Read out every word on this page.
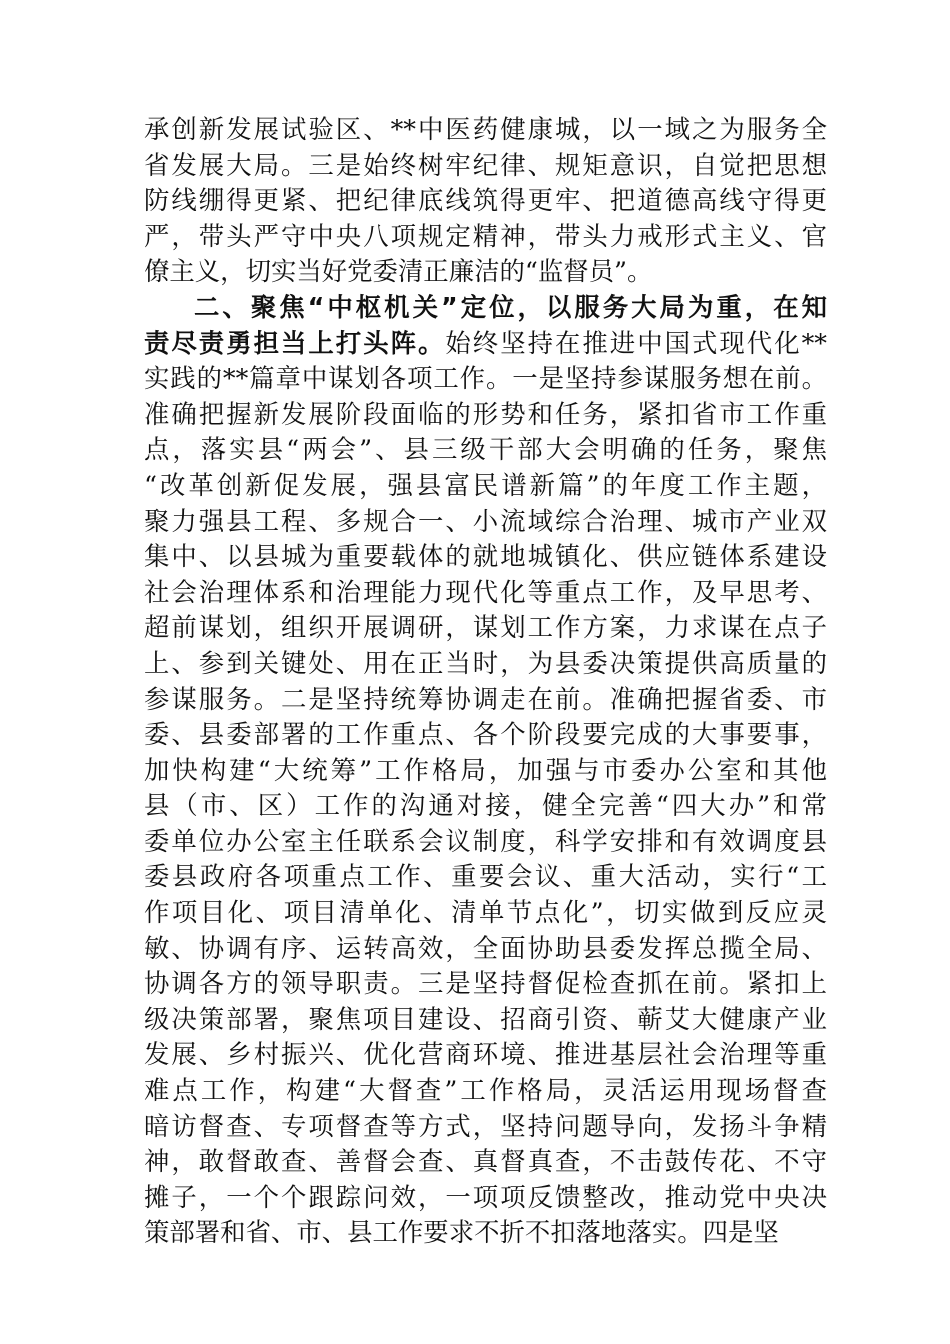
承创新发展试验区、**中医药健康城，以一域之为服务全
省发展大局。三是始终树牢纪律、规矩意识，自觉把思想
防线绷得更紧、把纪律底线筑得更牢、把道德高线守得更
严，带头严守中央八项规定精神，带头力戒形式主义、官
僚主义，切实当好党委清正廉洁的“监督员”。
二、聚焦“中枢机关”定位，以服务大局为重，在知
责尽责勇担当上打头阵。始终坚持在推进中国式现代化**
实践的**篇章中谋划各项工作。一是坚持参谋服务想在前。
准确把握新发展阶段面临的形势和任务，紧扣省市工作重
点，落实县“两会”、县三级干部大会明确的任务，聚焦
“改革创新促发展，强县富民谱新篇”的年度工作主题，
聚力强县工程、多规合一、小流域综合治理、城市产业双
集中、以县城为重要载体的就地城镇化、供应链体系建设
社会治理体系和治理能力现代化等重点工作，及早思考、
超前谋划，组织开展调研，谋划工作方案，力求谋在点子
上、参到关键处、用在正当时，为县委决策提供高质量的
参谋服务。二是坚持统筹协调走在前。准确把握省委、市
委、县委部署的工作重点、各个阶段要完成的大事要事，
加快构建“大统筹”工作格局，加强与市委办公室和其他
县（市、区）工作的沟通对接，健全完善“四大办”和常
委单位办公室主任联系会议制度，科学安排和有效调度县
委县政府各项重点工作、重要会议、重大活动，实行“工
作项目化、项目清单化、清单节点化”，切实做到反应灵
敏、协调有序、运转高效，全面协助县委发挥总揽全局、
协调各方的领导职责。三是坚持督促检查抓在前。紧扣上
级决策部署，聚焦项目建设、招商引资、蕲艾大健康产业
发展、乡村振兴、优化营商环境、推进基层社会治理等重
难点工作，构建“大督查”工作格局，灵活运用现场督查
暗访督查、专项督查等方式，坚持问题导向，发扬斗争精
神，敢督敢查、善督会查、真督真查，不击鼓传花、不守
摊子，一个个跟踪问效，一项项反馈整改，推动党中央决
策部署和省、市、县工作要求不折不扣落地落实。四是坚
